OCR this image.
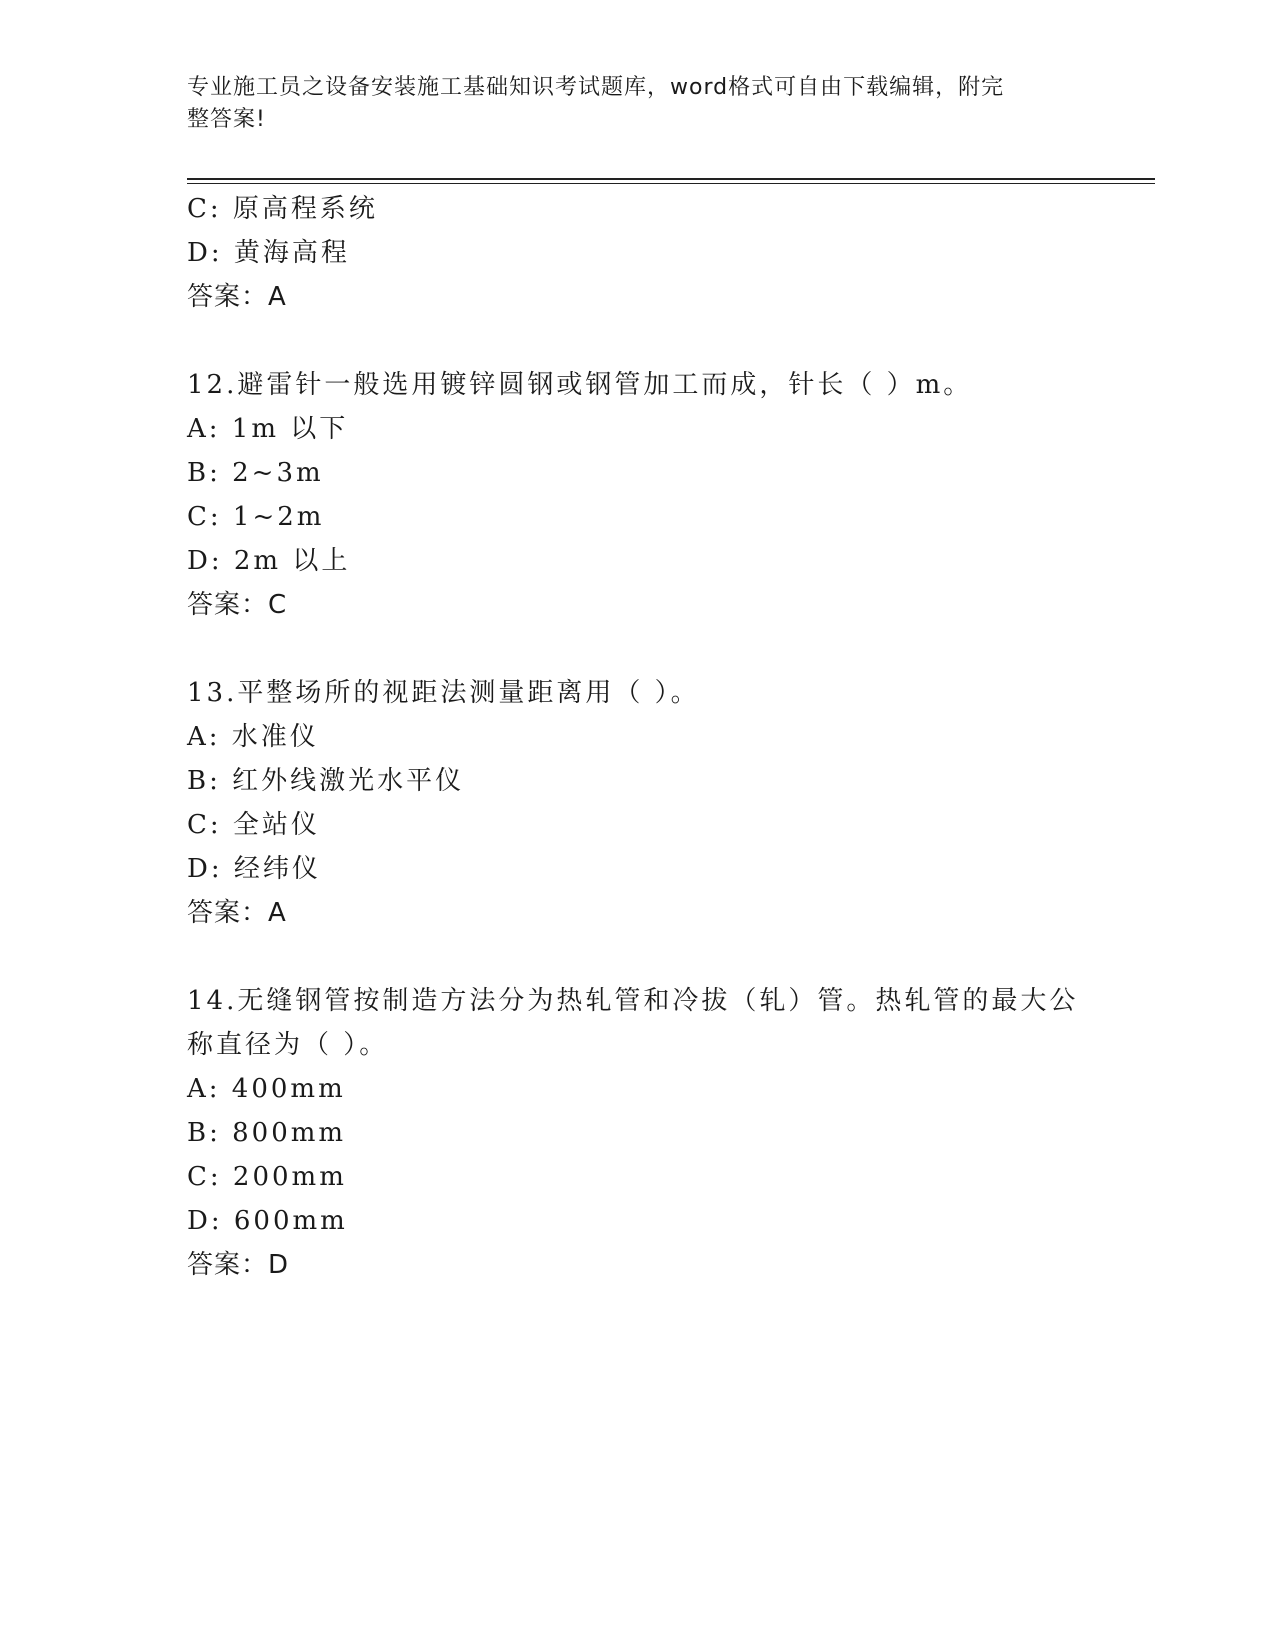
专业施工员之设备安装施工基础知识考试题库，word格式可自由下载编辑，附完
整答案!
C: 原高程系统
D: 黄海高程
答案：A
12.避雷针一般选用镀锌圆钢或钢管加工而成，针长（ ）m。
A: 1m 以下
B: 2~3m
C: 1~2m
D: 2m 以上
答案：C
13.平整场所的视距法测量距离用（ ）。
A: 水准仪
B: 红外线激光水平仪
C: 全站仪
D: 经纬仪
答案：A
14.无缝钢管按制造方法分为热轧管和冷拔（轧）管。热轧管的最大公
称直径为（ ）。
A: 400mm
B: 800mm
C: 200mm
D: 600mm
答案：D
